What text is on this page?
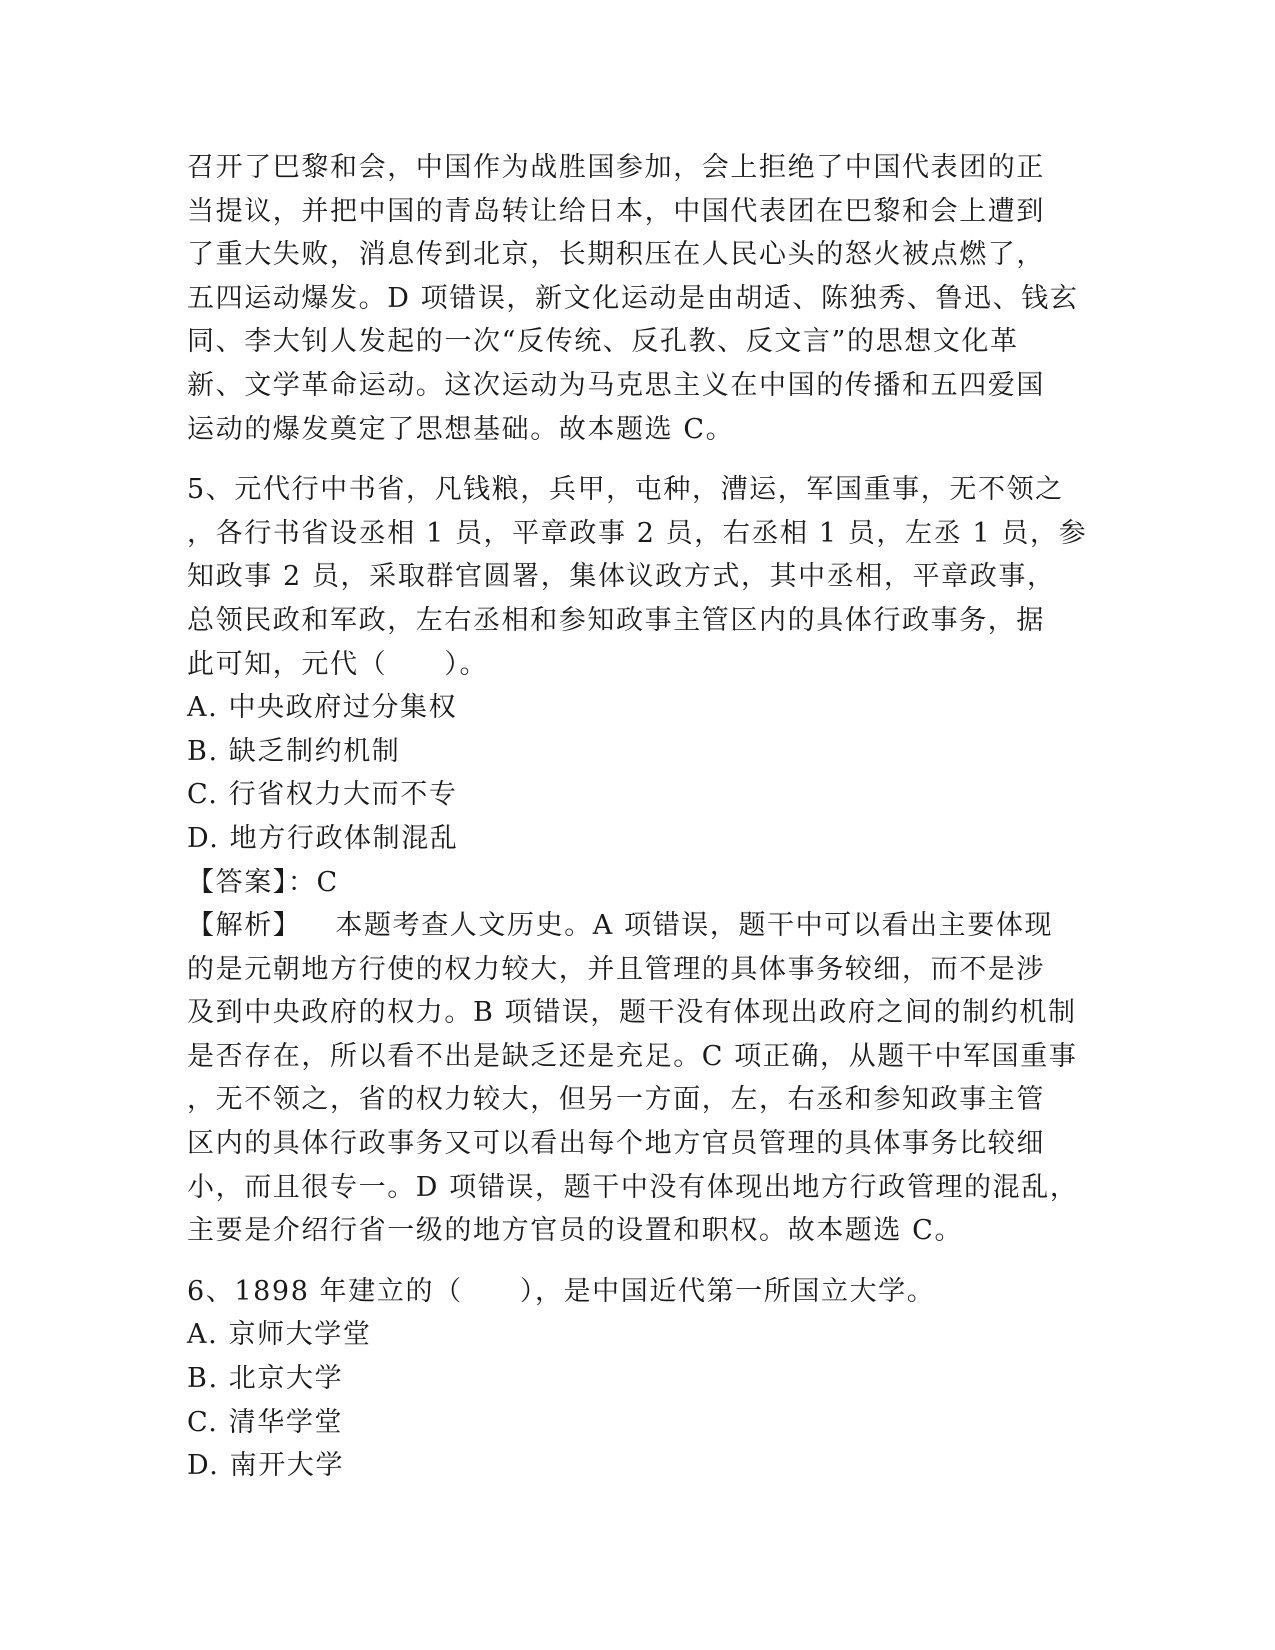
召开了巴黎和会，中国作为战胜国参加，会上拒绝了中国代表团的正

当提议，并把中国的青岛转让给日本，中国代表团在巴黎和会上遭到

了重大失败，消息传到北京，长期积压在人民心头的怒火被点燃了，

五四运动爆发。D 项错误，新文化运动是由胡适、陈独秀、鲁迅、钱玄

同、李大钊人发起的一次“反传统、反孔教、反文言”的思想文化革

新、文学革命运动。这次运动为马克思主义在中国的传播和五四爱国

运动的爆发奠定了思想基础。故本题选 C。

5、元代行中书省，凡钱粮，兵甲，屯种，漕运，军国重事，无不领之

，各行书省设丞相 1 员，平章政事 2 员，右丞相 1 员，左丞 1 员，参

知政事 2 员，采取群官圆署，集体议政方式，其中丞相，平章政事，

总领民政和军政，左右丞相和参知政事主管区内的具体行政事务，据

此可知，元代（　　）。

A. 中央政府过分集权

B. 缺乏制约机制

C. 行省权力大而不专

D. 地方行政体制混乱

【答案】：C

【解析】 本题考查人文历史。A 项错误，题干中可以看出主要体现

的是元朝地方行使的权力较大，并且管理的具体事务较细，而不是涉

及到中央政府的权力。B 项错误，题干没有体现出政府之间的制约机制

是否存在，所以看不出是缺乏还是充足。C 项正确，从题干中军国重事

，无不领之，省的权力较大，但另一方面，左，右丞和参知政事主管

区内的具体行政事务又可以看出每个地方官员管理的具体事务比较细

小，而且很专一。D 项错误，题干中没有体现出地方行政管理的混乱，

主要是介绍行省一级的地方官员的设置和职权。故本题选 C。

6、1898 年建立的（　　），是中国近代第一所国立大学。

A. 京师大学堂

B. 北京大学

C. 清华学堂

D. 南开大学
